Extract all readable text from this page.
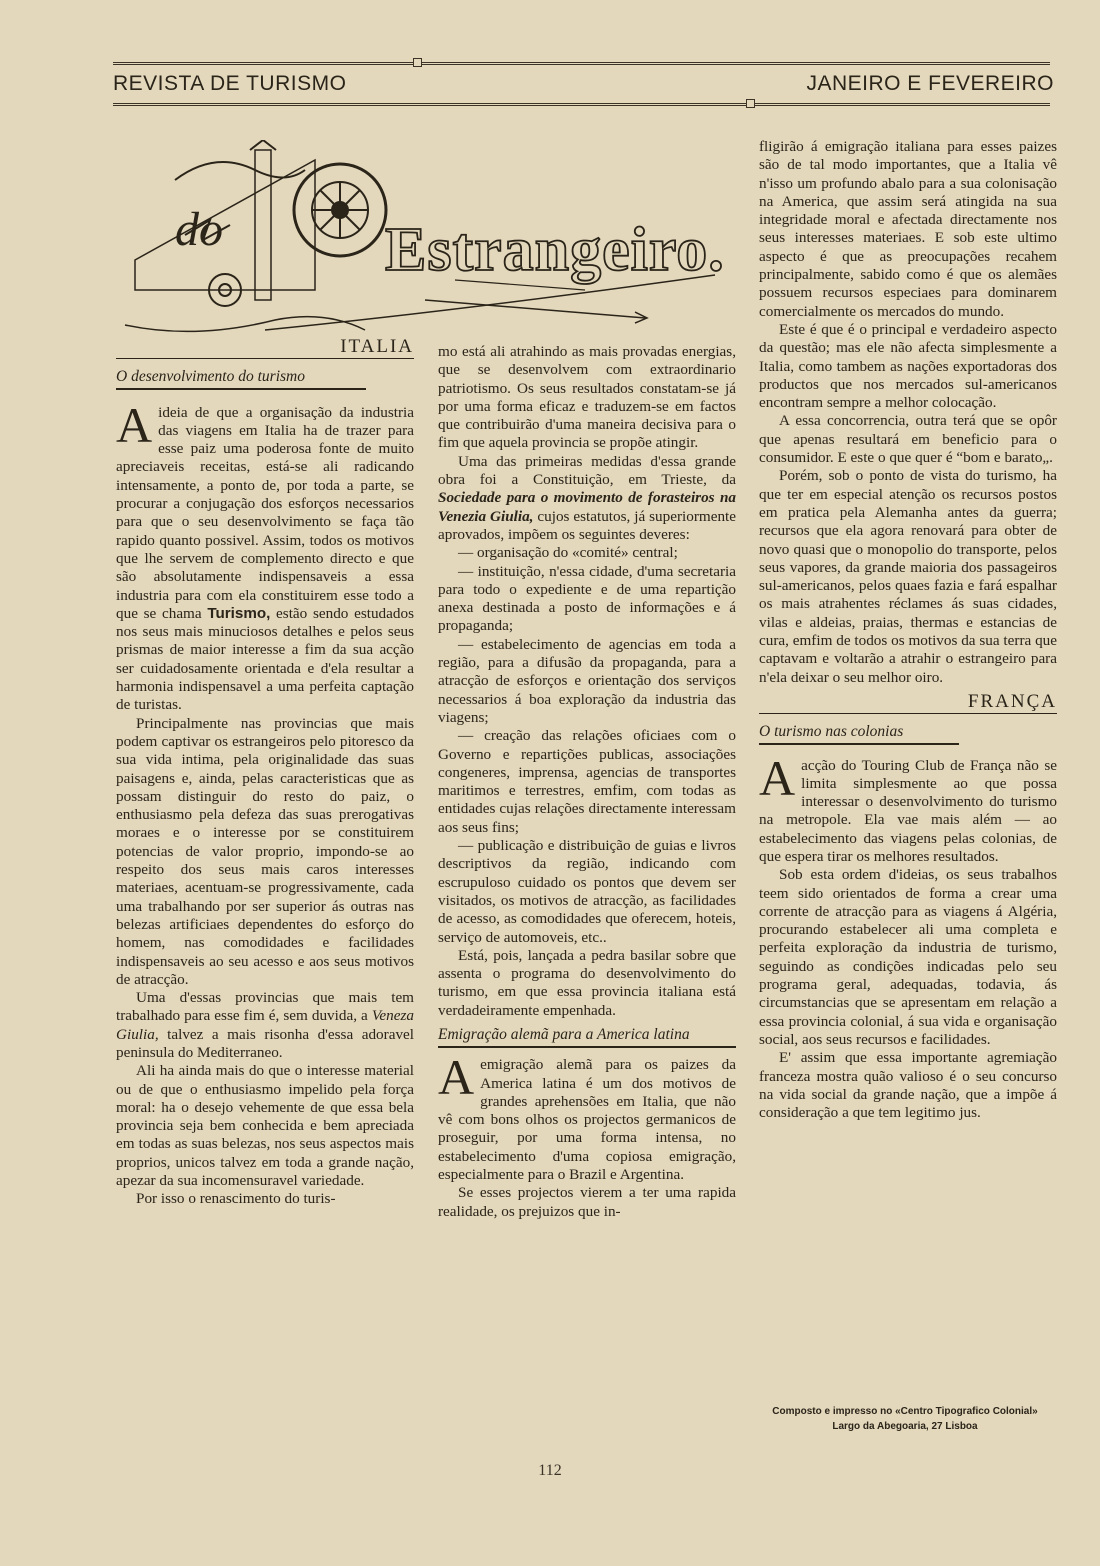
REVISTA DE TURISMO	JANEIRO E FEVEREIRO
do	Estrangeiro.
ITALIA
O desenvolvimento do turismo

Aideia de que a organisação da industria das viagens em Italia ha de trazer para esse paiz uma poderosa fonte de muito apreciaveis receitas, está-se ali radicando intensamente, a ponto de, por toda a parte, se procurar a conjugação dos esforços necessarios para que o seu desenvolvimento se faça tão rapido quanto possivel. Assim, todos os motivos que lhe servem de complemento directo e que são absolutamente indispensaveis a essa industria para com ela constituirem esse todo a que se chama Turismo, estão sendo estudados nos seus mais minuciosos detalhes e pelos seus prismas de maior interesse a fim da sua acção ser cuidadosamente orientada e d'ela resultar a harmonia indispensavel a uma perfeita captação de turistas.

Principalmente nas provincias que mais podem captivar os estrangeiros pelo pitoresco da sua vida intima, pela originalidade das suas paisagens e, ainda, pelas caracteristicas que as possam distinguir do resto do paiz, o enthusiasmo pela defeza das suas prerogativas moraes e o interesse por se constituirem potencias de valor proprio, impondo-se ao respeito dos seus mais caros interesses materiaes, acentuam-se progressivamente, cada uma trabalhando por ser superior ás outras nas belezas artificiaes dependentes do esforço do homem, nas comodidades e facilidades indispensaveis ao seu acesso e aos seus motivos de atracção.

Uma d'essas provincias que mais tem trabalhado para esse fim é, sem duvida, a Veneza Giulia, talvez a mais risonha d'essa adoravel peninsula do Mediterraneo.

Ali ha ainda mais do que o interesse material ou de que o enthusiasmo impelido pela força moral: ha o desejo vehemente de que essa bela provincia seja bem conhecida e bem apreciada em todas as suas belezas, nos seus aspectos mais proprios, unicos talvez em toda a grande nação, apezar da sua incomensuravel variedade.

Por isso o renascimento do turis-

mo está ali atrahindo as mais provadas energias, que se desenvolvem com extraordinario patriotismo. Os seus resultados constatam-se já por uma forma eficaz e traduzem-se em factos que contribuirão d'uma maneira decisiva para o fim que aquela provincia se propõe atingir.

Uma das primeiras medidas d'essa grande obra foi a Constituição, em Trieste, da Sociedade para o movimento de forasteiros na Venezia Giulia, cujos estatutos, já superiormente aprovados, impõem os seguintes deveres:

— organisação do «comité» central;

— instituição, n'essa cidade, d'uma secretaria para todo o expediente e de uma repartição anexa destinada a posto de informações e á propaganda;

— estabelecimento de agencias em toda a região, para a difusão da propaganda, para a atracção de esforços e orientação dos serviços necessarios á boa exploração da industria das viagens;

— creação das relações oficiaes com o Governo e repartições publicas, associações congeneres, imprensa, agencias de transportes maritimos e terrestres, emfim, com todas as entidades cujas relações directamente interessam aos seus fins;

— publicação e distribuição de guias e livros descriptivos da região, indicando com escrupuloso cuidado os pontos que devem ser visitados, os motivos de atracção, as facilidades de acesso, as comodidades que oferecem, hoteis, serviço de automoveis, etc..

Está, pois, lançada a pedra basilar sobre que assenta o programa do desenvolvimento do turismo, em que essa provincia italiana está verdadeiramente empenhada.

Emigração alemã para a America latina

Aemigração alemã para os paizes da America latina é um dos motivos de grandes aprehensões em Italia, que não vê com bons olhos os projectos germanicos de proseguir, por uma forma intensa, no estabelecimento d'uma copiosa emigração, especialmente para o Brazil e Argentina.

Se esses projectos vierem a ter uma rapida realidade, os prejuizos que in-

fligirão á emigração italiana para esses paizes são de tal modo importantes, que a Italia vê n'isso um profundo abalo para a sua colonisação na America, que assim será atingida na sua integridade moral e afectada directamente nos seus interesses materiaes. E sob este ultimo aspecto é que as preocupações recahem principalmente, sabido como é que os alemães possuem recursos especiaes para dominarem comercialmente os mercados do mundo.

Este é que é o principal e verdadeiro aspecto da questão; mas ele não afecta simplesmente a Italia, como tambem as nações exportadoras dos productos que nos mercados sul-americanos encontram sempre a melhor colocação.

A essa concorrencia, outra terá que se opôr que apenas resultará em beneficio para o consumidor. E este o que quer é “bom e barato„.

Porém, sob o ponto de vista do turismo, ha que ter em especial atenção os recursos postos em pratica pela Alemanha antes da guerra; recursos que ela agora renovará para obter de novo quasi que o monopolio do transporte, pelos seus vapores, da grande maioria dos passageiros sul-americanos, pelos quaes fazia e fará espalhar os mais atrahentes réclames ás suas cidades, vilas e aldeias, praias, thermas e estancias de cura, emfim de todos os motivos da sua terra que captavam e voltarão a atrahir o estrangeiro para n'ela deixar o seu melhor oiro.

FRANÇA
O turismo nas colonias

Aacção do Touring Club de França não se limita simplesmente ao que possa interessar o desenvolvimento do turismo na metropole. Ela vae mais além — ao estabelecimento das viagens pelas colonias, de que espera tirar os melhores resultados.

Sob esta ordem d'ideias, os seus trabalhos teem sido orientados de forma a crear uma corrente de atracção para as viagens á Algéria, procurando estabelecer ali uma completa e perfeita exploração da industria de turismo, seguindo as condições indicadas pelo seu programa geral, adequadas, todavia, ás circumstancias que se apresentam em relação a essa provincia colonial, á sua vida e organisação social, aos seus recursos e facilidades.

E' assim que essa importante agremiação franceza mostra quão valioso é o seu concurso na vida social da grande nação, que a impõe á consideração a que tem legitimo jus.

Composto e impresso no «Centro Tipografico Colonial»
Largo da Abegoaria, 27 Lisboa
112
